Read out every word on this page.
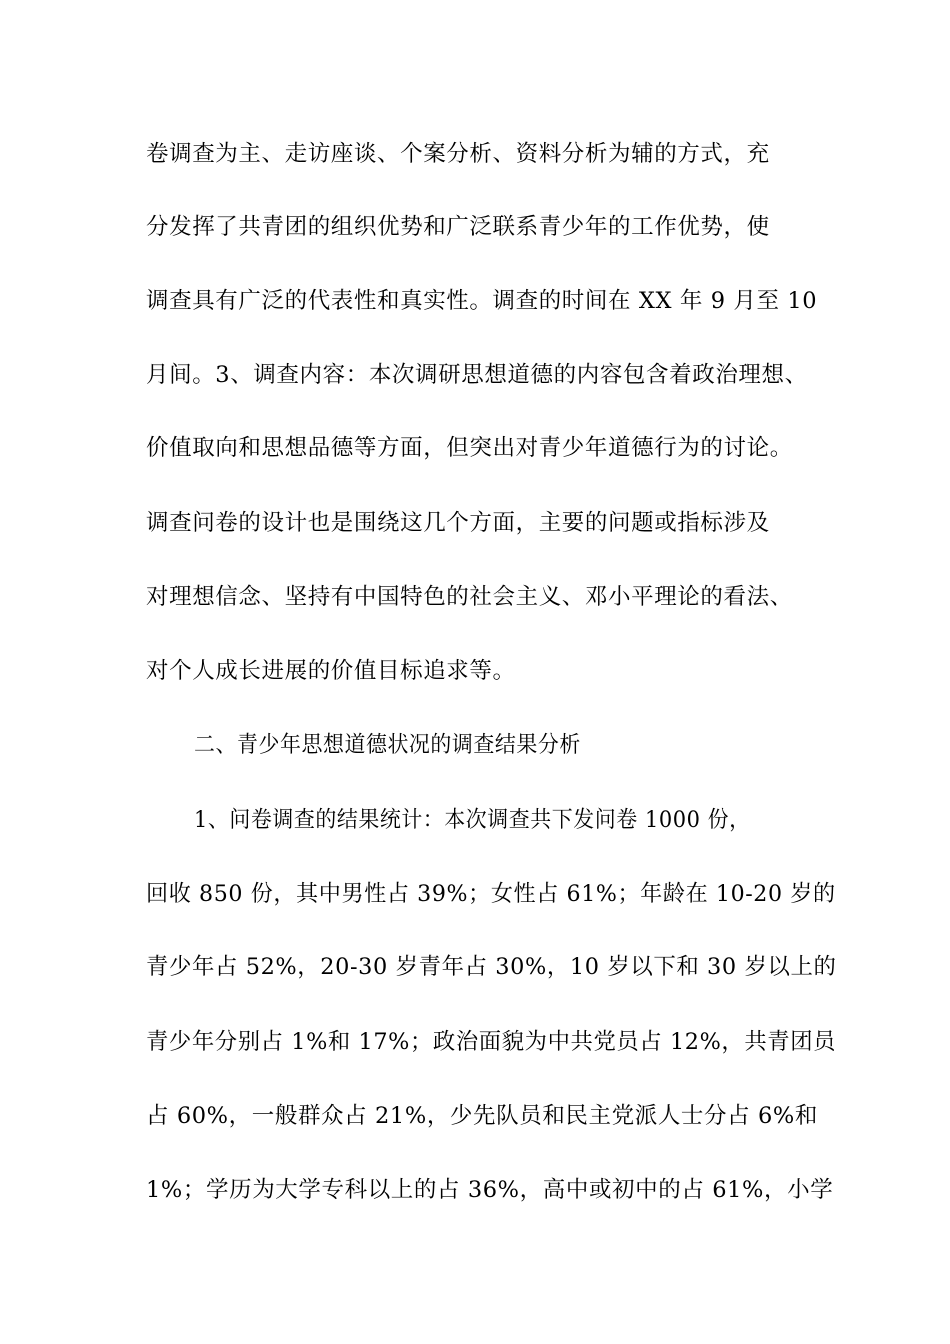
卷调查为主、走访座谈、个案分析、资料分析为辅的方式，充
分发挥了共青团的组织优势和广泛联系青少年的工作优势，使
调查具有广泛的代表性和真实性。调查的时间在 XX 年 9 月至 10
月间。3、调查内容：本次调研思想道德的内容包含着政治理想、
价值取向和思想品德等方面，但突出对青少年道德行为的讨论。
调查问卷的设计也是围绕这几个方面，主要的问题或指标涉及
对理想信念、坚持有中国特色的社会主义、邓小平理论的看法、
对个人成长进展的价值目标追求等。
二、青少年思想道德状况的调查结果分析
1、问卷调查的结果统计：本次调查共下发问卷 1000 份，
回收 850 份，其中男性占 39%；女性占 61%；年龄在 10-20 岁的
青少年占 52%，20-30 岁青年占 30%，10 岁以下和 30 岁以上的
青少年分别占 1%和 17%；政治面貌为中共党员占 12%，共青团员
占 60%，一般群众占 21%，少先队员和民主党派人士分占 6%和
1%；学历为大学专科以上的占 36%，高中或初中的占 61%，小学
